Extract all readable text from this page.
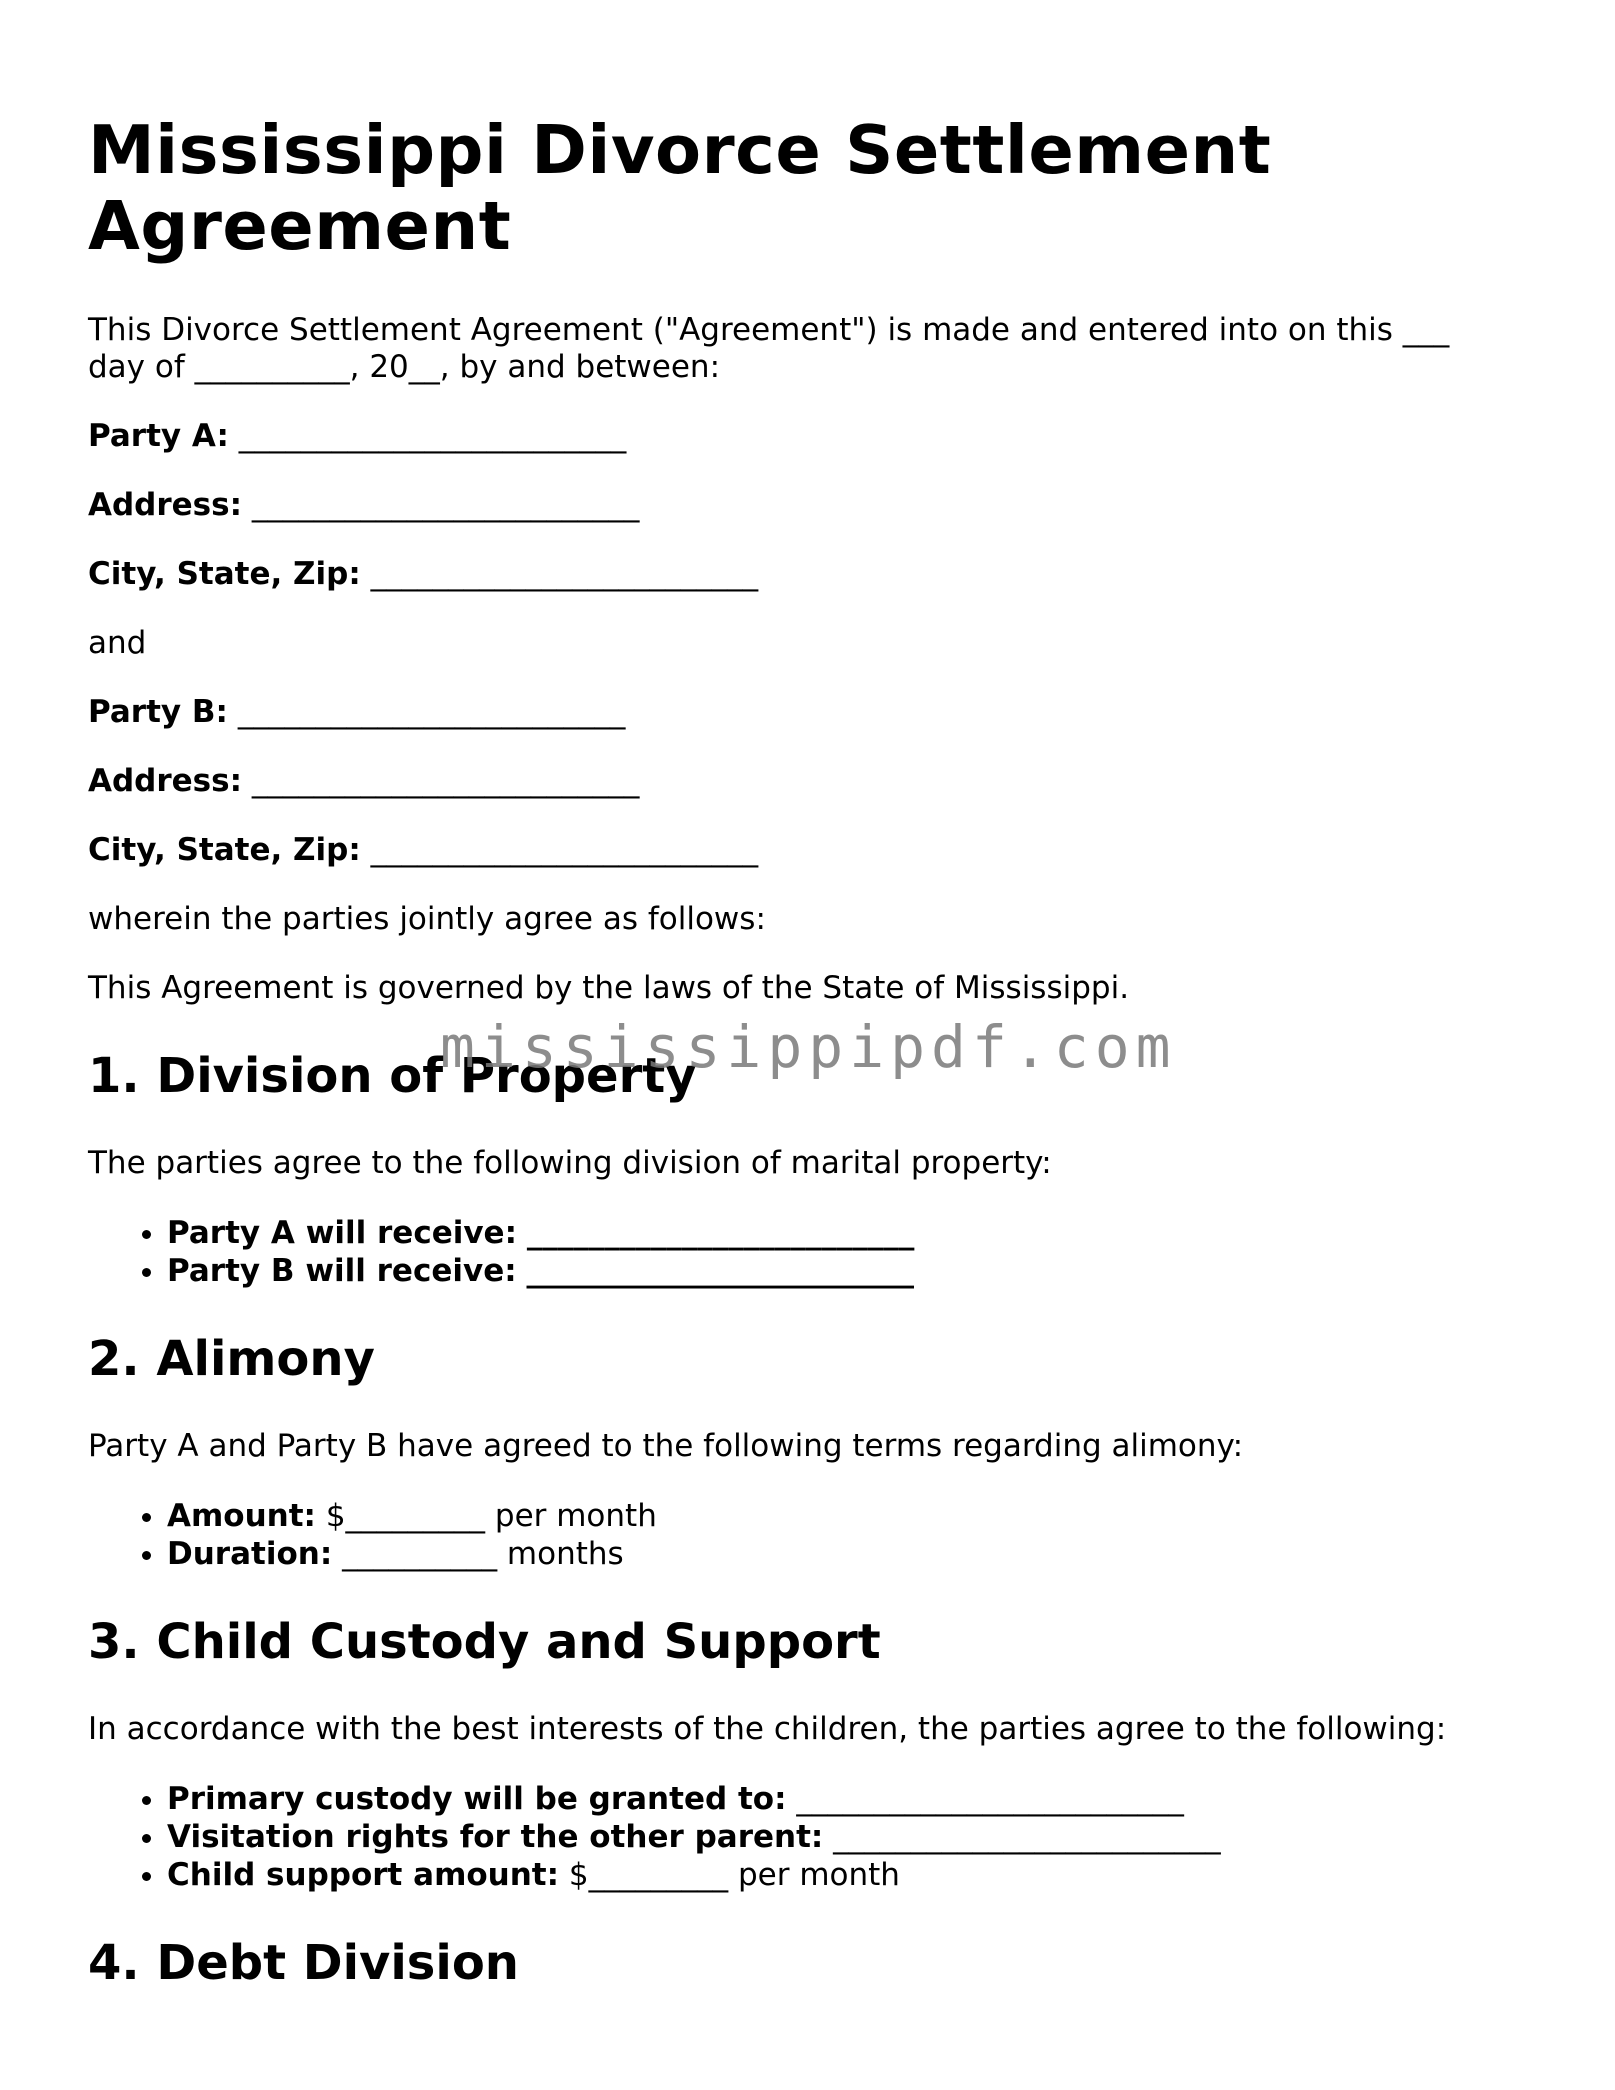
Mississippi Divorce Settlement Agreement

This Divorce Settlement Agreement ("Agreement") is made and entered into on this ___ day of __________, 20__, by and between:

Party A: _________________________
Address: _________________________
City, State, Zip: _________________________

and

Party B: _________________________
Address: _________________________
City, State, Zip: _________________________

wherein the parties jointly agree as follows:

This Agreement is governed by the laws of the State of Mississippi.

1. Division of Property

The parties agree to the following division of marital property:

• Party A will receive: _________________________
• Party B will receive: _________________________
2. Alimony

Party A and Party B have agreed to the following terms regarding alimony:

• Amount: $_________ per month
• Duration: __________ months
3. Child Custody and Support

In accordance with the best interests of the children, the parties agree to the following:

• Primary custody will be granted to: _________________________
• Visitation rights for the other parent: _________________________
• Child support amount: $_________ per month
4. Debt Division
mississippipdf.com
